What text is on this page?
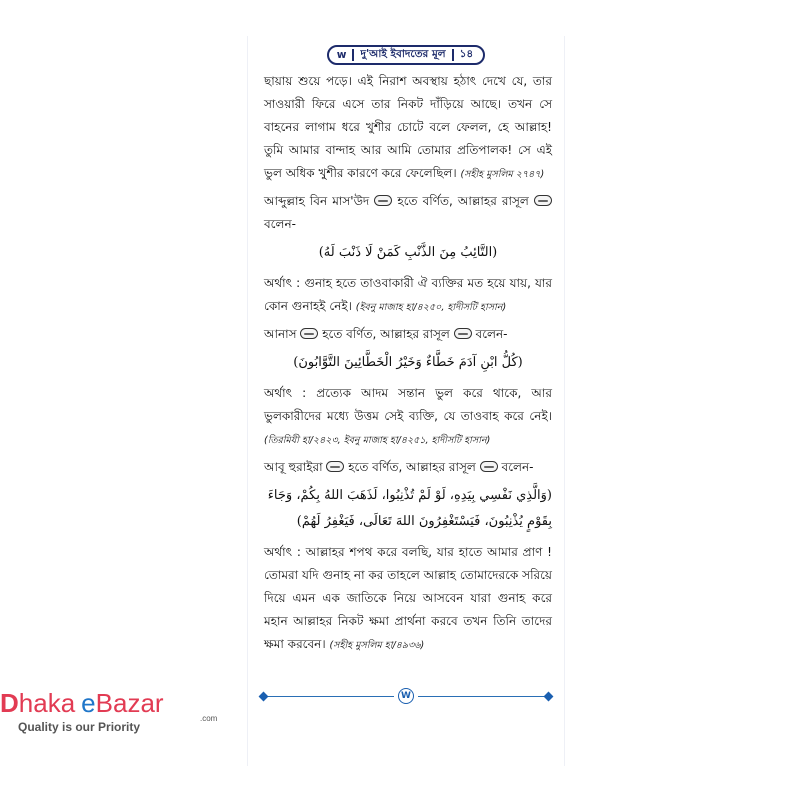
w দু'আই ইবাদতের মূল ১৪

ছায়ায় শুয়ে পড়ে। এই নিরাশ অবস্থায় হঠাৎ দেখে যে, তার সাওয়ারী ফিরে এসে তার নিকট দাঁড়িয়ে আছে। তখন সে বাহনের লাগাম ধরে খুশীর চোটে বলে ফেলল, হে আল্লাহ! তুমি আমার বান্দাহ আর আমি তোমার প্রতিপালক! সে এই ভুল অধিক খুশীর কারণে করে ফেলেছিল। (সহীহ মুসলিম ২৭৪৭)

আব্দুল্লাহ বিন মাস'উদ হতে বর্ণিত, আল্লাহর রাসূল  বলেন-

(التَّائِبُ مِنَ الذَّنْبِ كَمَنْ لَا ذَنْبَ لَهُ)

অর্থাৎ : গুনাহ হতে তাওবাকারী ঐ ব্যক্তির মত হয়ে যায়, যার কোন গুনাহই নেই। (ইবনু মাজাহ হা/৪২৫০, হাদীসটি হাসান)

আনাস হতে বর্ণিত, আল্লাহর রাসূল বলেন-

(كُلُّ ابْنِ آدَمَ خَطَّاءٌ وَخَيْرُ الْخَطَّائِينَ التَّوَّابُونَ)

অর্থাৎ : প্রত্যেক আদম সন্তান ভুল করে থাকে, আর ভুলকারীদের মধ্যে উত্তম সেই ব্যক্তি, যে তাওবাহ করে নেই। (তিরমিযী হা/২৪২৩, ইবনু মাজাহ হা/৪২৫১, হাদীসটি হাসান)

আবূ হুরাইরা হতে বর্ণিত, আল্লাহর রাসূল বলেন-

(وَالَّذِي نَفْسِي بِيَدِهِ، لَوْ لَمْ تُذْنِبُوا، لَذَهَبَ اللهُ بِكُمْ، وَجَاءَ بِقَوْمٍ يُذْنِبُونَ، فَيَسْتَغْفِرُونَ اللهَ تَعَالَى، فَيَغْفِرُ لَهُمْ)

অর্থাৎ : আল্লাহর শপথ করে বলছি, যার হাতে আমার প্রাণ ! তোমরা যদি গুনাহ না কর তাহলে আল্লাহ তোমাদেরকে সরিয়ে দিয়ে এমন এক জাতিকে নিয়ে আসবেন যারা গুনাহ করে মহান আল্লাহর নিকট ক্ষমা প্রার্থনা করবে তখন তিনি তাদের ক্ষমা করবেন। (সহীহ মুসলিম হা/৪৯৩৬)

W
D haka e Bazar
.com
Quality is our Priority
